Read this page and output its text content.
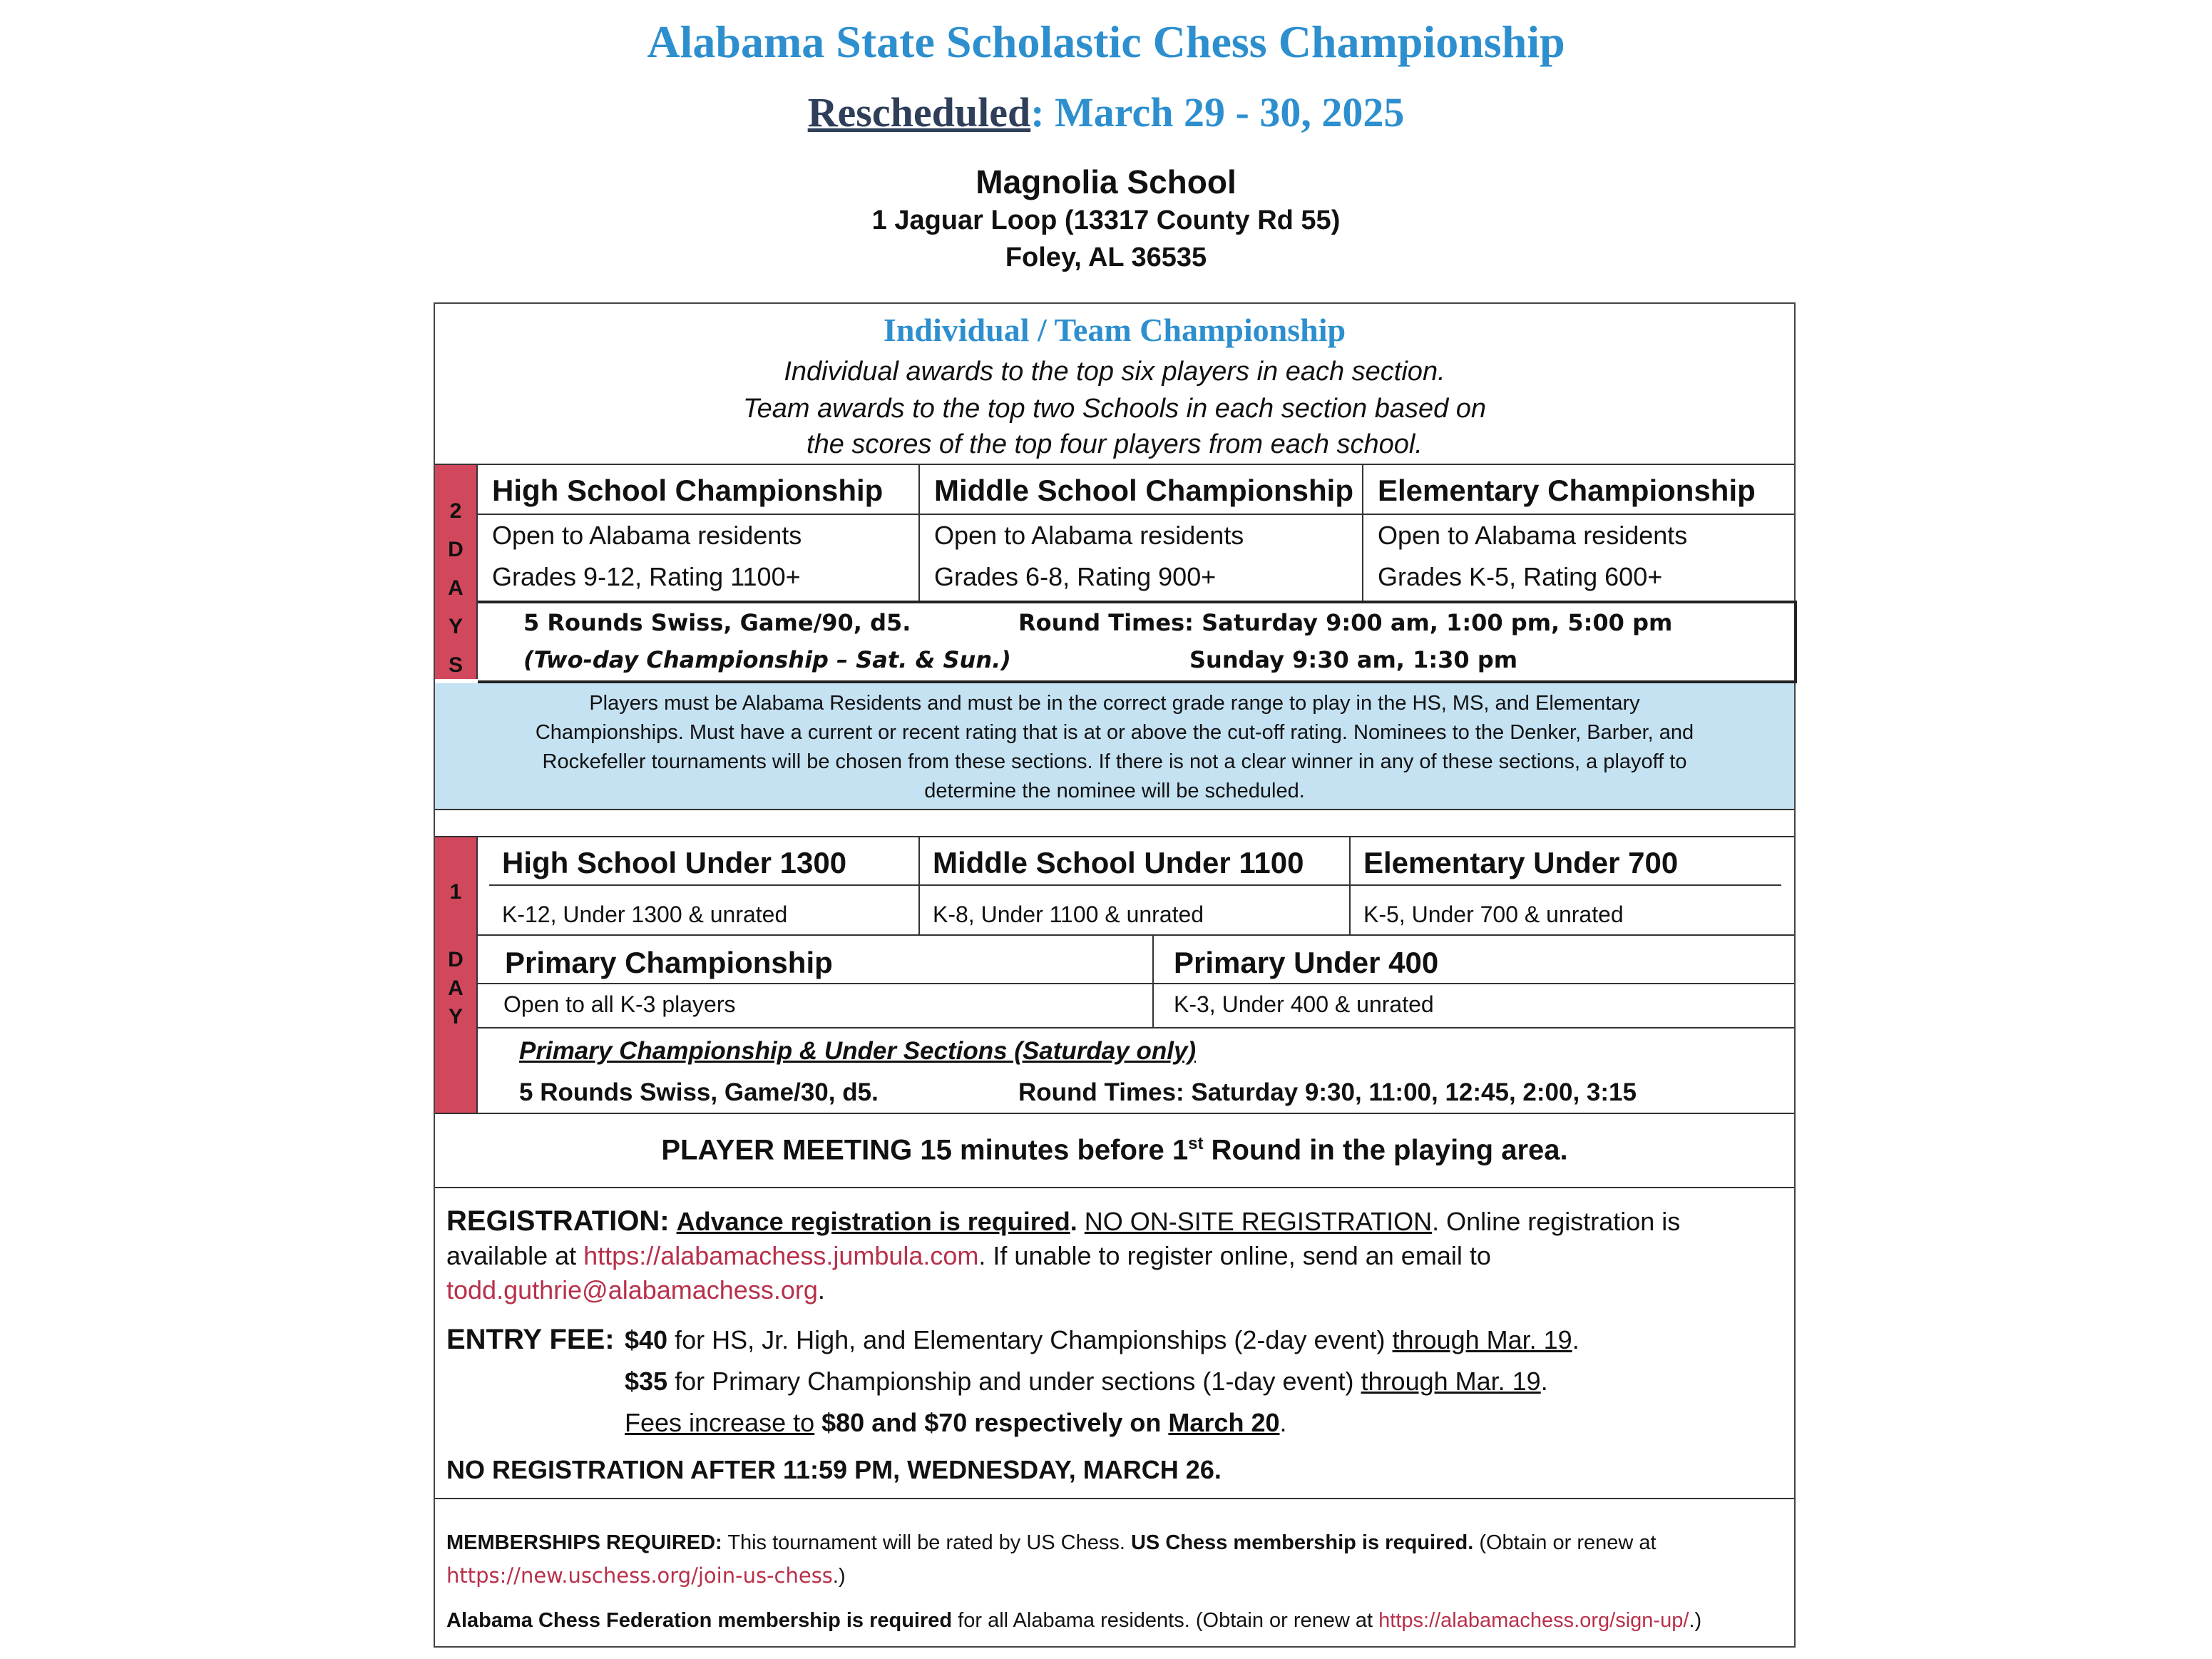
Alabama State Scholastic Chess Championship
Rescheduled: March 29 - 30, 2025
Magnolia School
1 Jaguar Loop (13317 County Rd 55)
Foley, AL 36535
Individual / Team Championship
Individual awards to the top six players in each section.
Team awards to the top two Schools in each section based on
the scores of the top four players from each school.
2
D
A
Y
S
High School Championship
Open to Alabama residents
Grades 9-12, Rating 1100+
Middle School Championship
Open to Alabama residents
Grades 6-8, Rating 900+
Elementary Championship
Open to Alabama residents
Grades K-5, Rating 600+
5 Rounds Swiss, Game/90, d5.
(Two-day Championship – Sat. & Sun.)
Round Times: Saturday 9:00 am, 1:00 pm, 5:00 pm
Sunday 9:30 am, 1:30 pm
Players must be Alabama Residents and must be in the correct grade range to play in the HS, MS, and Elementary
Championships. Must have a current or recent rating that is at or above the cut-off rating. Nominees to the Denker, Barber, and
Rockefeller tournaments will be chosen from these sections. If there is not a clear winner in any of these sections, a playoff to
determine the nominee will be scheduled.
1
D
A
Y
High School Under 1300
K-12, Under 1300 & unrated
Middle School Under 1100
K-8, Under 1100 & unrated
Elementary Under 700
K-5, Under 700 & unrated
Primary Championship
Open to all K-3 players
Primary Under 400
K-3, Under 400 & unrated
Primary Championship & Under Sections (Saturday only)
5 Rounds Swiss, Game/30, d5.	Round Times: Saturday 9:30, 11:00, 12:45, 2:00, 3:15
PLAYER MEETING 15 minutes before 1st Round in the playing area.
REGISTRATION: Advance registration is required. NO ON-SITE REGISTRATION. Online registration is
available at https://alabamachess.jumbula.com. If unable to register online, send an email to
todd.guthrie@alabamachess.org.
ENTRY FEE: $40 for HS, Jr. High, and Elementary Championships (2-day event) through Mar. 19.
$35 for Primary Championship and under sections (1-day event) through Mar. 19.
Fees increase to $80 and $70 respectively on March 20.
NO REGISTRATION AFTER 11:59 PM, WEDNESDAY, MARCH 26.
MEMBERSHIPS REQUIRED: This tournament will be rated by US Chess. US Chess membership is required. (Obtain or renew at
https://new.uschess.org/join-us-chess.)
Alabama Chess Federation membership is required for all Alabama residents. (Obtain or renew at https://alabamachess.org/sign-up/.)
